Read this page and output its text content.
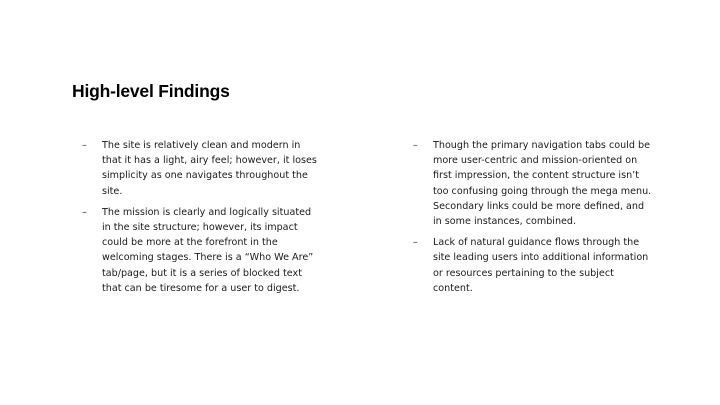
High-level Findings
–	The site is relatively clean and modern in that it has a light, airy feel; however, it loses simplicity as one navigates throughout the site.
–	The mission is clearly and logically situated in the site structure; however, its impact could be more at the forefront in the welcoming stages. There is a “Who We Are” tab/page, but it is a series of blocked text that can be tiresome for a user to digest.
–	Though the primary navigation tabs could be more user-centric and mission-oriented on first impression, the content structure isn’t too confusing going through the mega menu. Secondary links could be more defined, and in some instances, combined.
–	Lack of natural guidance flows through the site leading users into additional information or resources pertaining to the subject content.
